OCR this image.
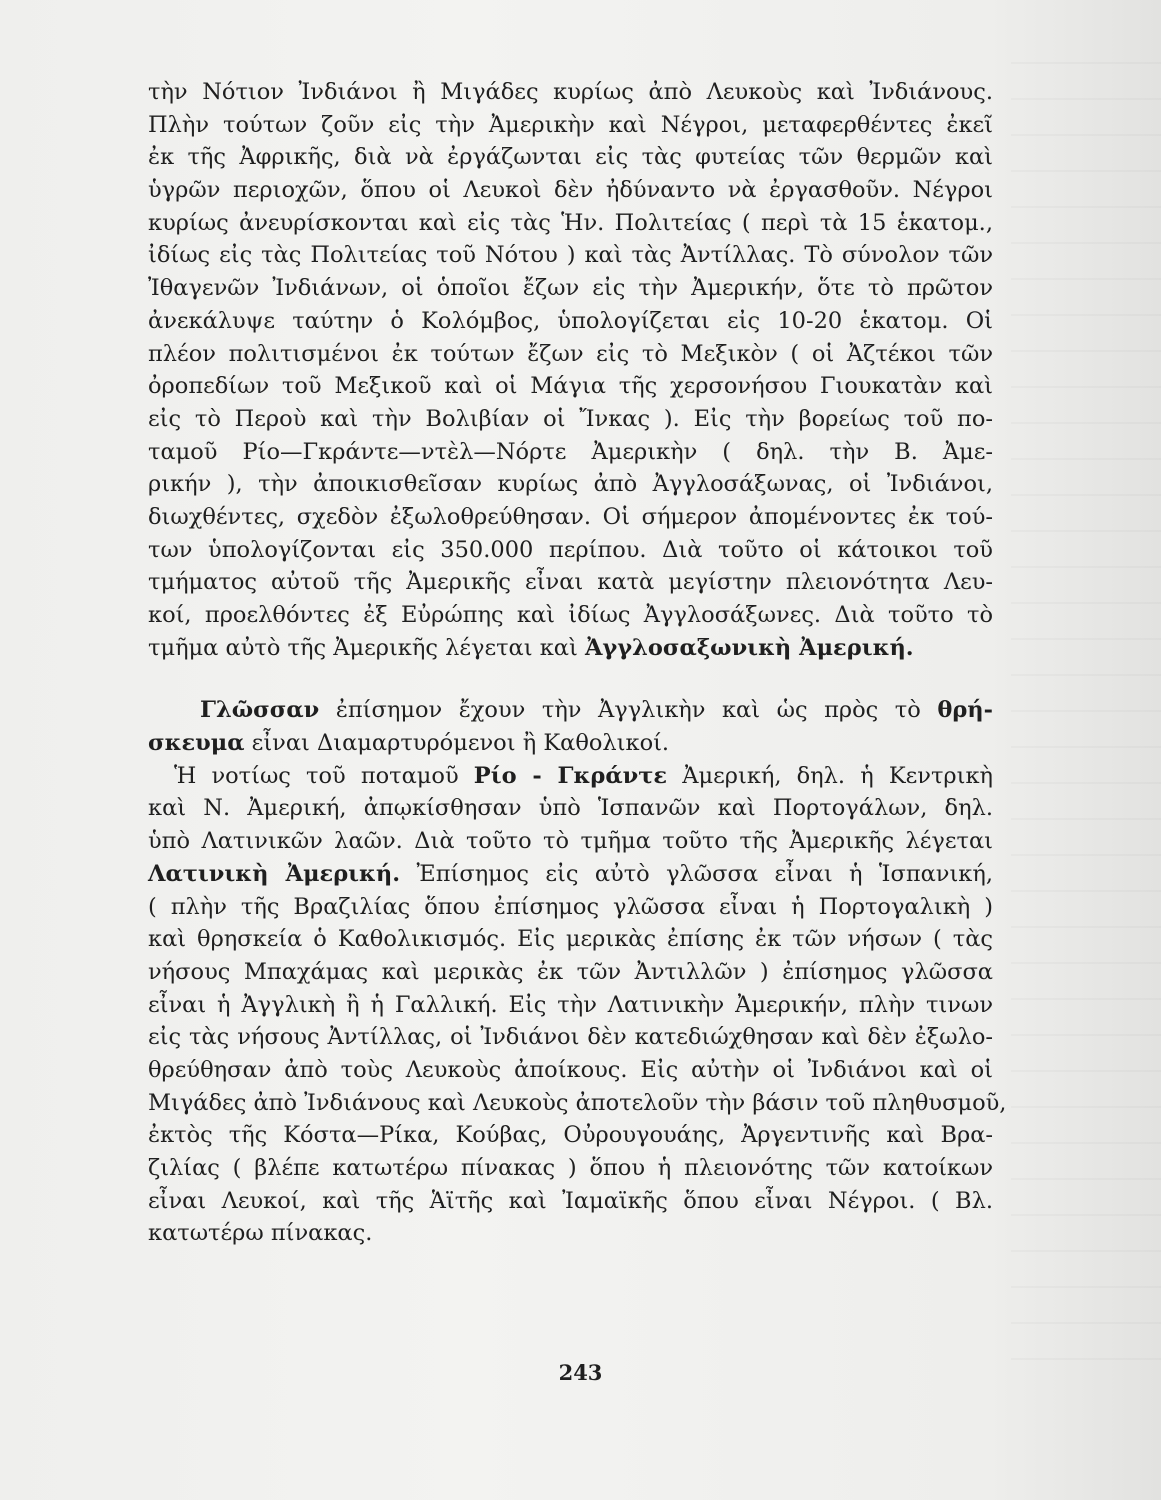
τὴν Νότιον Ἰνδιάνοι ἢ Μιγάδες κυρίως ἀπὸ Λευκοὺς καὶ Ἰνδιάνους.
Πλὴν τούτων ζοῦν εἰς τὴν Ἀμερικὴν καὶ Νέγροι, μεταφερθέντες ἐκεῖ
ἐκ τῆς Ἀφρικῆς, διὰ νὰ ἐργάζωνται εἰς τὰς φυτείας τῶν θερμῶν καὶ
ὑγρῶν περιοχῶν, ὅπου οἱ Λευκοὶ δὲν ἠδύναντο νὰ ἐργασθοῦν. Νέγροι
κυρίως ἀνευρίσκονται καὶ εἰς τὰς Ἡν. Πολιτείας ( περὶ τὰ 15 ἑκατομ.,
ἰδίως εἰς τὰς Πολιτείας τοῦ Νότου ) καὶ τὰς Ἀντίλλας. Τὸ σύνολον τῶν
Ἰθαγενῶν Ἰνδιάνων, οἱ ὁποῖοι ἔζων εἰς τὴν Ἀμερικήν, ὅτε τὸ πρῶτον
ἀνεκάλυψε ταύτην ὁ Κολόμβος, ὑπολογίζεται εἰς 10-20 ἑκατομ. Οἱ
πλέον πολιτισμένοι ἐκ τούτων ἔζων εἰς τὸ Μεξικὸν ( οἱ Ἀζτέκοι τῶν
ὀροπεδίων τοῦ Μεξικοῦ καὶ οἱ Μάγια τῆς χερσονήσου Γιουκατὰν καὶ
εἰς τὸ Περοὺ καὶ τὴν Βολιβίαν οἱ Ἴνκας ). Εἰς τὴν βορείως τοῦ πο-
ταμοῦ Ρίο—Γκράντε—ντὲλ—Νόρτε Ἀμερικὴν ( δηλ. τὴν Β. Ἀμε-
ρικήν ), τὴν ἀποικισθεῖσαν κυρίως ἀπὸ Ἀγγλοσάξωνας, οἱ Ἰνδιάνοι,
διωχθέντες, σχεδὸν ἐξωλοθρεύθησαν. Οἱ σήμερον ἀπομένοντες ἐκ τού-
των ὑπολογίζονται εἰς 350.000 περίπου. Διὰ τοῦτο οἱ κάτοικοι τοῦ
τμήματος αὐτοῦ τῆς Ἀμερικῆς εἶναι κατὰ μεγίστην πλειονότητα Λευ-
κοί, προελθόντες ἐξ Εὐρώπης καὶ ἰδίως Ἀγγλοσάξωνες. Διὰ τοῦτο τὸ
τμῆμα αὐτὸ τῆς Ἀμερικῆς λέγεται καὶ Ἀγγλοσαξωνικὴ Ἀμερική.
Γλῶσσαν ἐπίσημον ἔχουν τὴν Ἀγγλικὴν καὶ ὡς πρὸς τὸ θρή-
σκευμα εἶναι Διαμαρτυρόμενοι ἢ Καθολικοί.
Ἡ νοτίως τοῦ ποταμοῦ Ρίο - Γκράντε Ἀμερική, δηλ. ἡ Κεντρικὴ
καὶ Ν. Ἀμερική, ἀπῳκίσθησαν ὑπὸ Ἱσπανῶν καὶ Πορτογάλων, δηλ.
ὑπὸ Λατινικῶν λαῶν. Διὰ τοῦτο τὸ τμῆμα τοῦτο τῆς Ἀμερικῆς λέγεται
Λατινικὴ Ἀμερική. Ἐπίσημος εἰς αὐτὸ γλῶσσα εἶναι ἡ Ἱσπανική,
( πλὴν τῆς Βραζιλίας ὅπου ἐπίσημος γλῶσσα εἶναι ἡ Πορτογαλικὴ )
καὶ θρησκεία ὁ Καθολικισμός. Εἰς μερικὰς ἐπίσης ἐκ τῶν νήσων ( τὰς
νήσους Μπαχάμας καὶ μερικὰς ἐκ τῶν Ἀντιλλῶν ) ἐπίσημος γλῶσσα
εἶναι ἡ Ἀγγλικὴ ἢ ἡ Γαλλική. Εἰς τὴν Λατινικὴν Ἀμερικήν, πλὴν τινων
εἰς τὰς νήσους Ἀντίλλας, οἱ Ἰνδιάνοι δὲν κατεδιώχθησαν καὶ δὲν ἐξωλο-
θρεύθησαν ἀπὸ τοὺς Λευκοὺς ἀποίκους. Εἰς αὐτὴν οἱ Ἰνδιάνοι καὶ οἱ
Μιγάδες ἀπὸ Ἰνδιάνους καὶ Λευκοὺς ἀποτελοῦν τὴν βάσιν τοῦ πληθυσμοῦ,
ἐκτὸς τῆς Κόστα—Ρίκα, Κούβας, Οὐρουγουάης, Ἀργεντινῆς καὶ Βρα-
ζιλίας ( βλέπε κατωτέρω πίνακας ) ὅπου ἡ πλειονότης τῶν κατοίκων
εἶναι Λευκοί, καὶ τῆς Ἁϊτῆς καὶ Ἰαμαϊκῆς ὅπου εἶναι Νέγροι. ( Βλ.
κατωτέρω πίνακας.
243
